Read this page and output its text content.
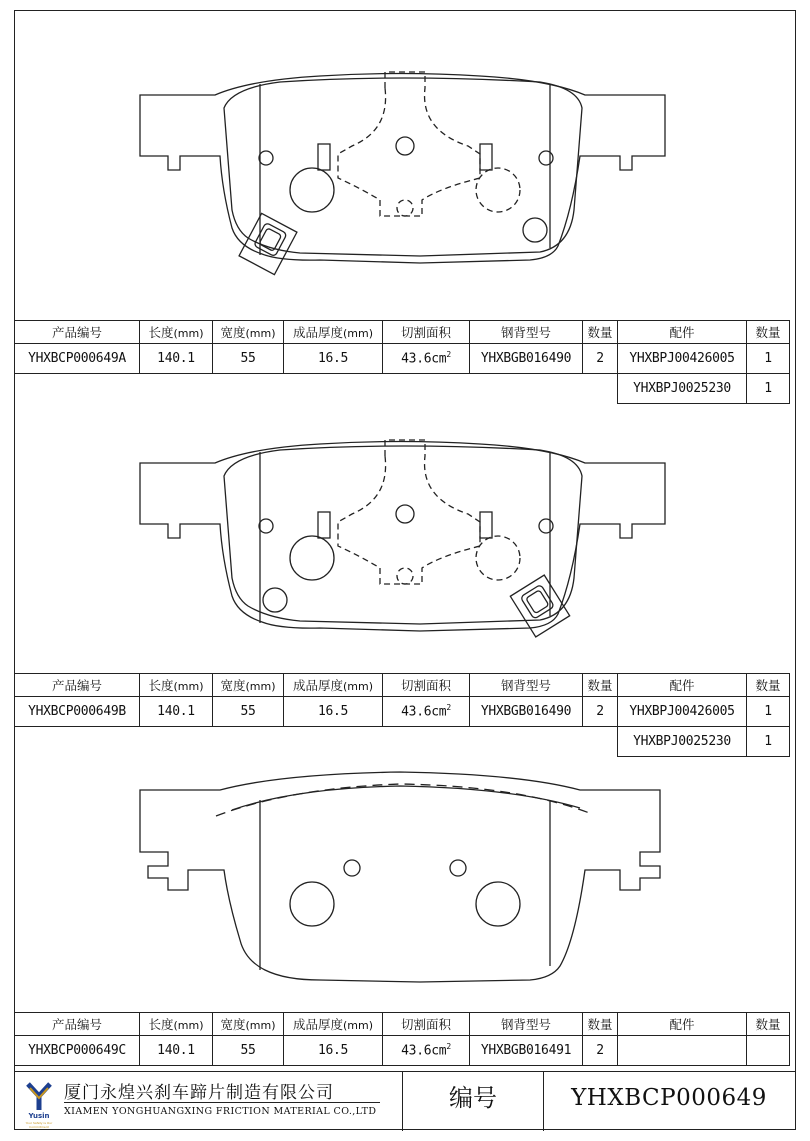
产品编号	长度(mm)	宽度(mm)	成品厚度(mm)	切割面积	钢背型号	数量	配件	数量
YHXBCP000649A	140.1	55	16.5	$43.6cm^2$	YHXBGB016490	2	YHXBPJ00426005	1
							YHXBPJ0025230	1
产品编号	长度(mm)	宽度(mm)	成品厚度(mm)	切割面积	钢背型号	数量	配件	数量
YHXBCP000649B	140.1	55	16.5	$43.6cm^2$	YHXBGB016490	2	YHXBPJ00426005	1
							YHXBPJ0025230	1
产品编号	长度(mm)	宽度(mm)	成品厚度(mm)	切割面积	钢背型号	数量	配件	数量
YHXBCP000649C	140.1	55	16.5	$43.6cm^2$	YHXBGB016491	2		
Yusin
Your Safety is Our Commitment
厦门永煌兴刹车蹄片制造有限公司
XIAMEN YONGHUANGXING FRICTION MATERIAL CO.,LTD	编号	YHXBCP000649
